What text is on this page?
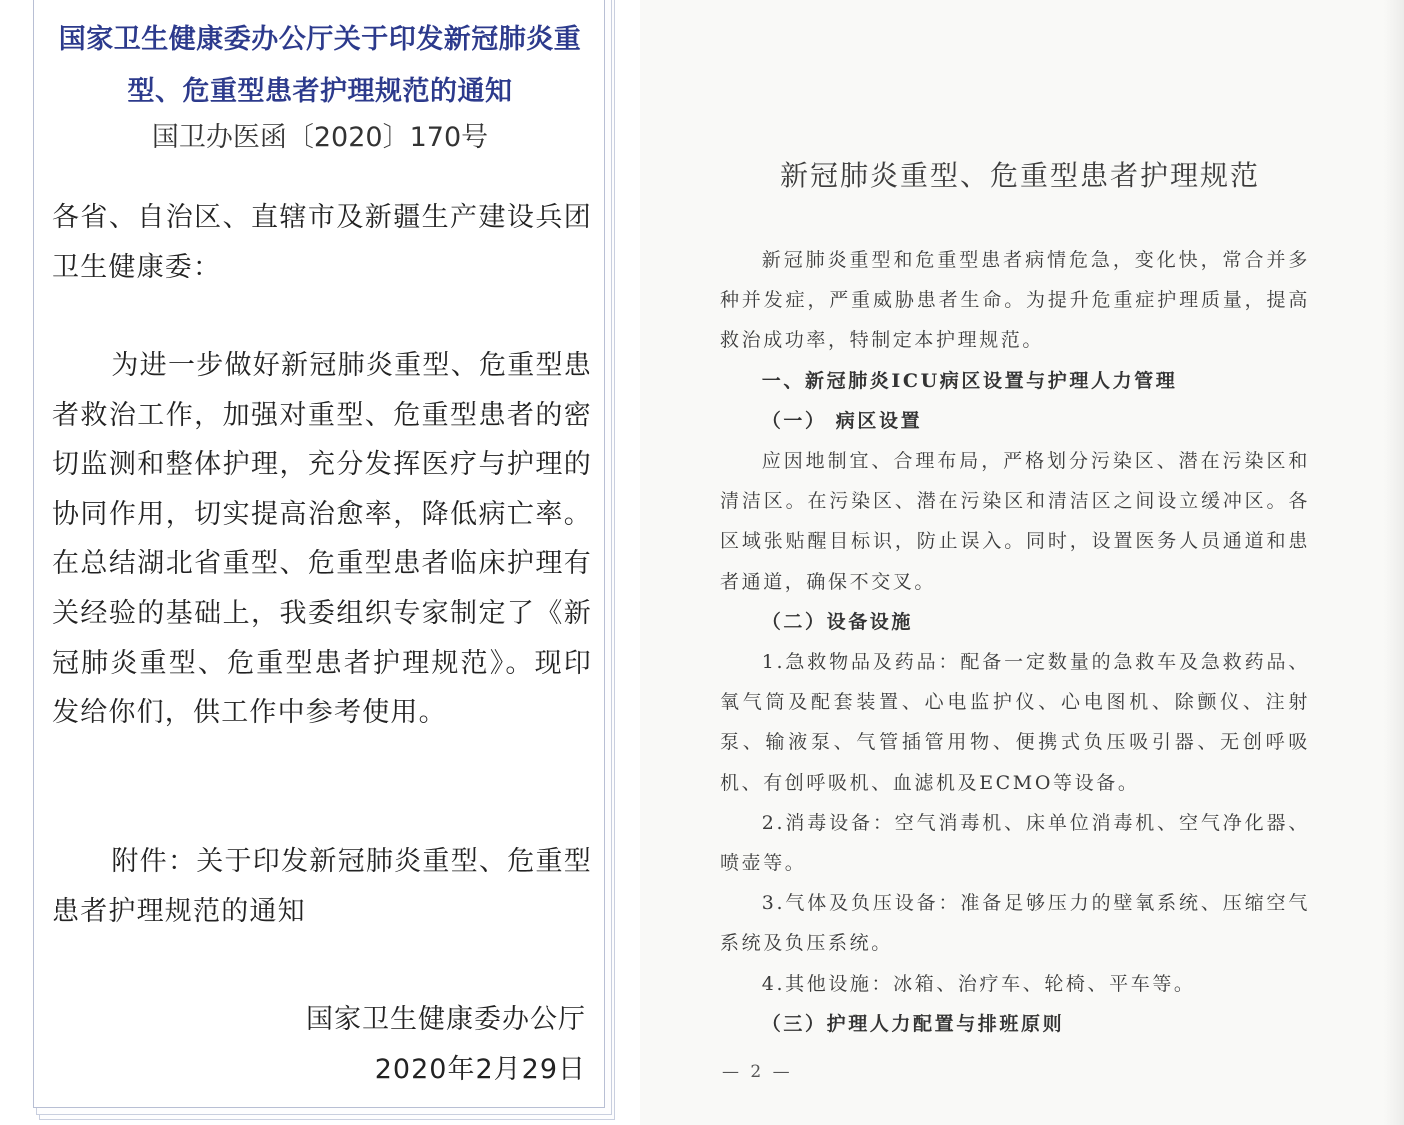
国家卫生健康委办公厅关于印发新冠肺炎重型、危重型患者护理规范的通知
国卫办医函〔2020〕170号

各省、自治区、直辖市及新疆生产建设兵团卫生健康委：

为进一步做好新冠肺炎重型、危重型患者救治工作，加强对重型、危重型患者的密切监测和整体护理，充分发挥医疗与护理的协同作用，切实提高治愈率，降低病亡率。在总结湖北省重型、危重型患者临床护理有关经验的基础上，我委组织专家制定了《新冠肺炎重型、危重型患者护理规范》。现印发给你们，供工作中参考使用。

附件：关于印发新冠肺炎重型、危重型患者护理规范的通知

国家卫生健康委办公厅
2020年2月29日
新冠肺炎重型、危重型患者护理规范

新冠肺炎重型和危重型患者病情危急，变化快，常合并多种并发症，严重威胁患者生命。为提升危重症护理质量，提高救治成功率，特制定本护理规范。

一、新冠肺炎ICU病区设置与护理人力管理

（一） 病区设置

应因地制宜、合理布局，严格划分污染区、潜在污染区和清洁区。在污染区、潜在污染区和清洁区之间设立缓冲区。各区域张贴醒目标识，防止误入。同时，设置医务人员通道和患者通道，确保不交叉。

（二）设备设施

1.急救物品及药品：配备一定数量的急救车及急救药品、氧气筒及配套装置、心电监护仪、心电图机、除颤仪、注射泵、输液泵、气管插管用物、便携式负压吸引器、无创呼吸机、有创呼吸机、血滤机及ECMO等设备。

2.消毒设备：空气消毒机、床单位消毒机、空气净化器、喷壶等。

3.气体及负压设备：准备足够压力的壁氧系统、压缩空气系统及负压系统。

4.其他设施：冰箱、治疗车、轮椅、平车等。

（三）护理人力配置与排班原则

— 2 —
